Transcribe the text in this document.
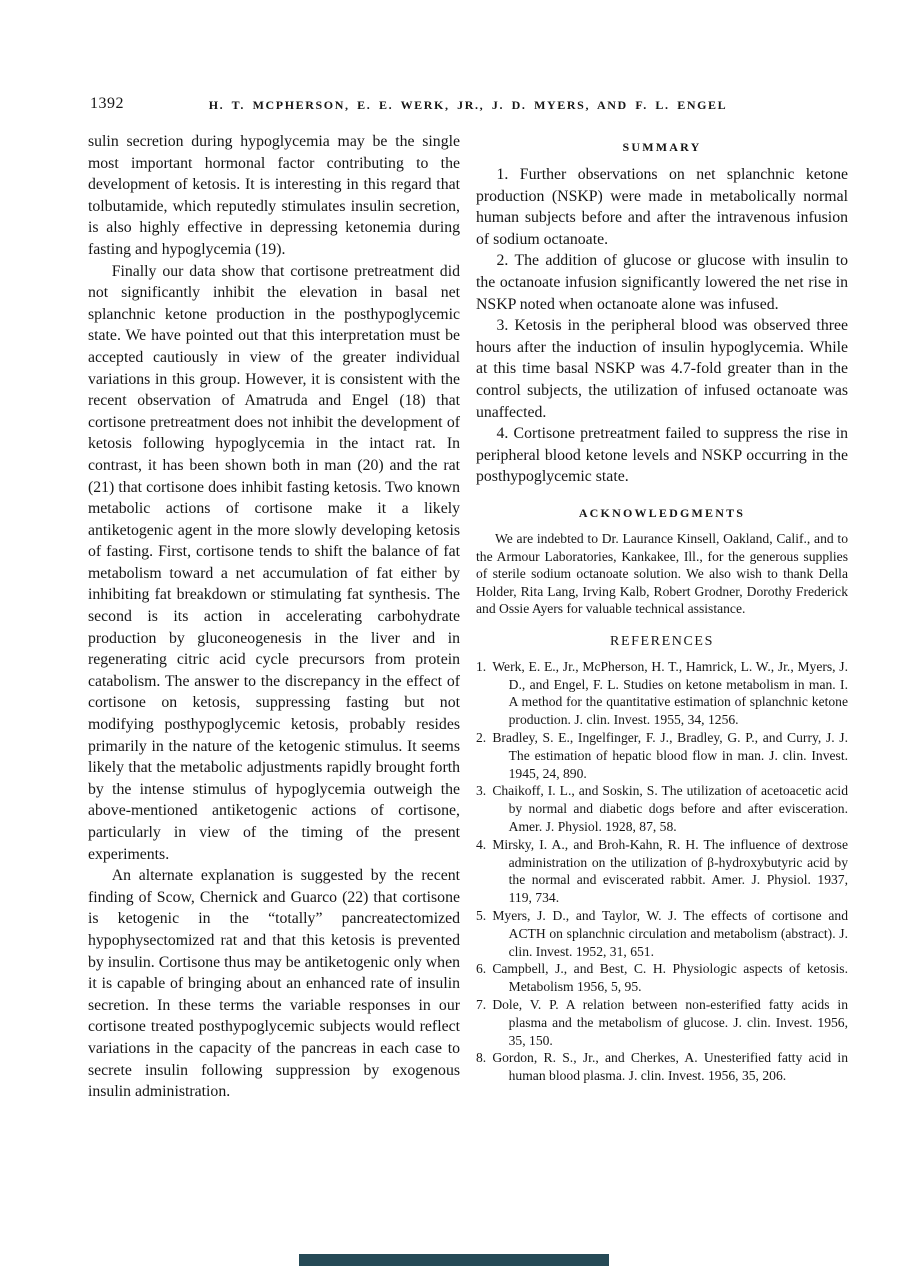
1392	H. T. MCPHERSON, E. E. WERK, JR., J. D. MYERS, AND F. L. ENGEL

sulin secretion during hypoglycemia may be the single most important hormonal factor contributing to the development of ketosis. It is interesting in this regard that tolbutamide, which reputedly stimulates insulin secretion, is also highly effective in depressing ketonemia during fasting and hypoglycemia (19).

Finally our data show that cortisone pretreatment did not significantly inhibit the elevation in basal net splanchnic ketone production in the posthypoglycemic state. We have pointed out that this interpretation must be accepted cautiously in view of the greater individual variations in this group. However, it is consistent with the recent observation of Amatruda and Engel (18) that cortisone pretreatment does not inhibit the development of ketosis following hypoglycemia in the intact rat. In contrast, it has been shown both in man (20) and the rat (21) that cortisone does inhibit fasting ketosis. Two known metabolic actions of cortisone make it a likely antiketogenic agent in the more slowly developing ketosis of fasting. First, cortisone tends to shift the balance of fat metabolism toward a net accumulation of fat either by inhibiting fat breakdown or stimulating fat synthesis. The second is its action in accelerating carbohydrate production by gluconeogenesis in the liver and in regenerating citric acid cycle precursors from protein catabolism. The answer to the discrepancy in the effect of cortisone on ketosis, suppressing fasting but not modifying posthypoglycemic ketosis, probably resides primarily in the nature of the ketogenic stimulus. It seems likely that the metabolic adjustments rapidly brought forth by the intense stimulus of hypoglycemia outweigh the above-mentioned antiketogenic actions of cortisone, particularly in view of the timing of the present experiments.

An alternate explanation is suggested by the recent finding of Scow, Chernick and Guarco (22) that cortisone is ketogenic in the “totally” pancreatectomized hypophysectomized rat and that this ketosis is prevented by insulin. Cortisone thus may be antiketogenic only when it is capable of bringing about an enhanced rate of insulin secretion. In these terms the variable responses in our cortisone treated posthypoglycemic subjects would reflect variations in the capacity of the pancreas in each case to secrete insulin following suppression by exogenous insulin administration.

SUMMARY

1. Further observations on net splanchnic ketone production (NSKP) were made in metabolically normal human subjects before and after the intravenous infusion of sodium octanoate.

2. The addition of glucose or glucose with insulin to the octanoate infusion significantly lowered the net rise in NSKP noted when octanoate alone was infused.

3. Ketosis in the peripheral blood was observed three hours after the induction of insulin hypoglycemia. While at this time basal NSKP was 4.7-fold greater than in the control subjects, the utilization of infused octanoate was unaffected.

4. Cortisone pretreatment failed to suppress the rise in peripheral blood ketone levels and NSKP occurring in the posthypoglycemic state.

ACKNOWLEDGMENTS

We are indebted to Dr. Laurance Kinsell, Oakland, Calif., and to the Armour Laboratories, Kankakee, Ill., for the generous supplies of sterile sodium octanoate solution. We also wish to thank Della Holder, Rita Lang, Irving Kalb, Robert Grodner, Dorothy Frederick and Ossie Ayers for valuable technical assistance.

REFERENCES

1. Werk, E. E., Jr., McPherson, H. T., Hamrick, L. W., Jr., Myers, J. D., and Engel, F. L. Studies on ketone metabolism in man. I. A method for the quantitative estimation of splanchnic ketone production. J. clin. Invest. 1955, 34, 1256.

2. Bradley, S. E., Ingelfinger, F. J., Bradley, G. P., and Curry, J. J. The estimation of hepatic blood flow in man. J. clin. Invest. 1945, 24, 890.

3. Chaikoff, I. L., and Soskin, S. The utilization of acetoacetic acid by normal and diabetic dogs before and after evisceration. Amer. J. Physiol. 1928, 87, 58.

4. Mirsky, I. A., and Broh-Kahn, R. H. The influence of dextrose administration on the utilization of β-hydroxybutyric acid by the normal and eviscerated rabbit. Amer. J. Physiol. 1937, 119, 734.

5. Myers, J. D., and Taylor, W. J. The effects of cortisone and ACTH on splanchnic circulation and metabolism (abstract). J. clin. Invest. 1952, 31, 651.

6. Campbell, J., and Best, C. H. Physiologic aspects of ketosis. Metabolism 1956, 5, 95.

7. Dole, V. P. A relation between non-esterified fatty acids in plasma and the metabolism of glucose. J. clin. Invest. 1956, 35, 150.

8. Gordon, R. S., Jr., and Cherkes, A. Unesterified fatty acid in human blood plasma. J. clin. Invest. 1956, 35, 206.
